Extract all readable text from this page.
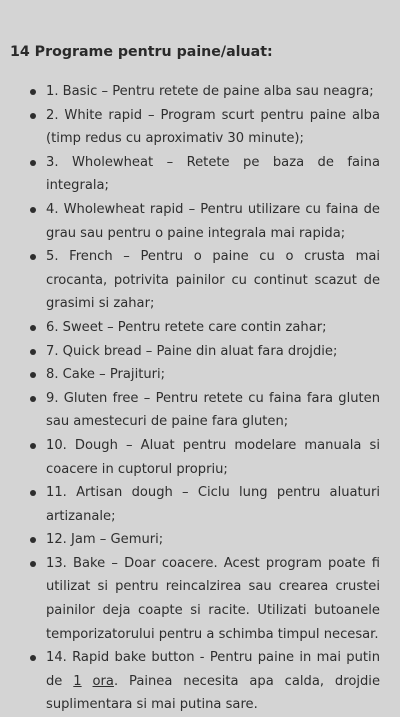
14 Programe pentru paine/aluat:
1. Basic – Pentru retete de paine alba sau neagra;
2. White rapid – Program scurt pentru paine alba (timp redus cu aproximativ 30 minute);
3. Wholewheat – Retete pe baza de faina integrala;
4. Wholewheat rapid – Pentru utilizare cu faina de grau sau pentru o paine integrala mai rapida;
5. French – Pentru o paine cu o crusta mai crocanta, potrivita painilor cu continut scazut de grasimi si zahar;
6. Sweet – Pentru retete care contin zahar;
7. Quick bread – Paine din aluat fara drojdie;
8. Cake – Prajituri;
9. Gluten free – Pentru retete cu faina fara gluten sau amestecuri de paine fara gluten;
10. Dough – Aluat pentru modelare manuala si coacere in cuptorul propriu;
11. Artisan dough – Ciclu lung pentru aluaturi artizanale;
12. Jam – Gemuri;
13. Bake – Doar coacere. Acest program poate fi utilizat si pentru reincalzirea sau crearea crustei painilor deja coapte si racite. Utilizati butoanele temporizatorului pentru a schimba timpul necesar.
14. Rapid bake button - Pentru paine in mai putin de 1 ora. Painea necesita apa calda, drojdie suplimentara si mai putina sare.
